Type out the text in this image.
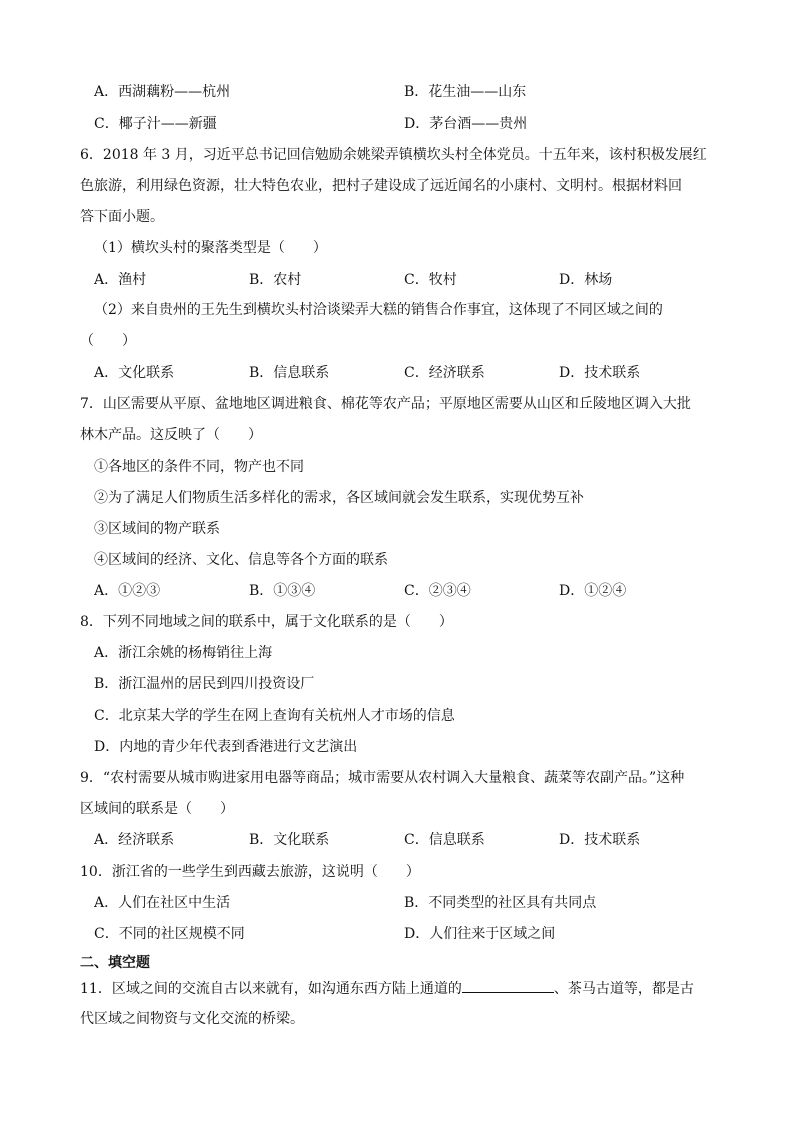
A．西湖藕粉——杭州	B．花生油——山东
C．椰子汁——新疆	D．茅台酒——贵州
6．2018 年 3 月，习近平总书记回信勉励余姚梁弄镇横坎头村全体党员。十五年来，该村积极发展红
色旅游，利用绿色资源，壮大特色农业，把村子建设成了远近闻名的小康村、文明村。根据材料回
答下面小题。
（1）横坎头村的聚落类型是（　　）
A．渔村	B．农村	C．牧村	D．林场
（2）来自贵州的王先生到横坎头村洽谈梁弄大糕的销售合作事宜，这体现了不同区域之间的
（　　）
A．文化联系	B．信息联系	C．经济联系	D．技术联系
7．山区需要从平原、盆地地区调进粮食、棉花等农产品；平原地区需要从山区和丘陵地区调入大批
林木产品。这反映了（　　）
①各地区的条件不同，物产也不同
②为了满足人们物质生活多样化的需求，各区域间就会发生联系，实现优势互补
③区域间的物产联系
④区域间的经济、文化、信息等各个方面的联系
A．①②③	B．①③④	C．②③④	D．①②④
8．下列不同地域之间的联系中，属于文化联系的是（　　）
A．浙江余姚的杨梅销往上海
B．浙江温州的居民到四川投资设厂
C．北京某大学的学生在网上查询有关杭州人才市场的信息
D．内地的青少年代表到香港进行文艺演出
9．“农村需要从城市购进家用电器等商品；城市需要从农村调入大量粮食、蔬菜等农副产品。”这种
区域间的联系是（　　）
A．经济联系	B．文化联系	C．信息联系	D．技术联系
10．浙江省的一些学生到西藏去旅游，这说明（　　）
A．人们在社区中生活	B．不同类型的社区具有共同点
C．不同的社区规模不同	D．人们往来于区域之间
二、填空题
11．区域之间的交流自古以来就有，如沟通东西方陆上通道的	、茶马古道等，都是古
代区域之间物资与文化交流的桥梁。
